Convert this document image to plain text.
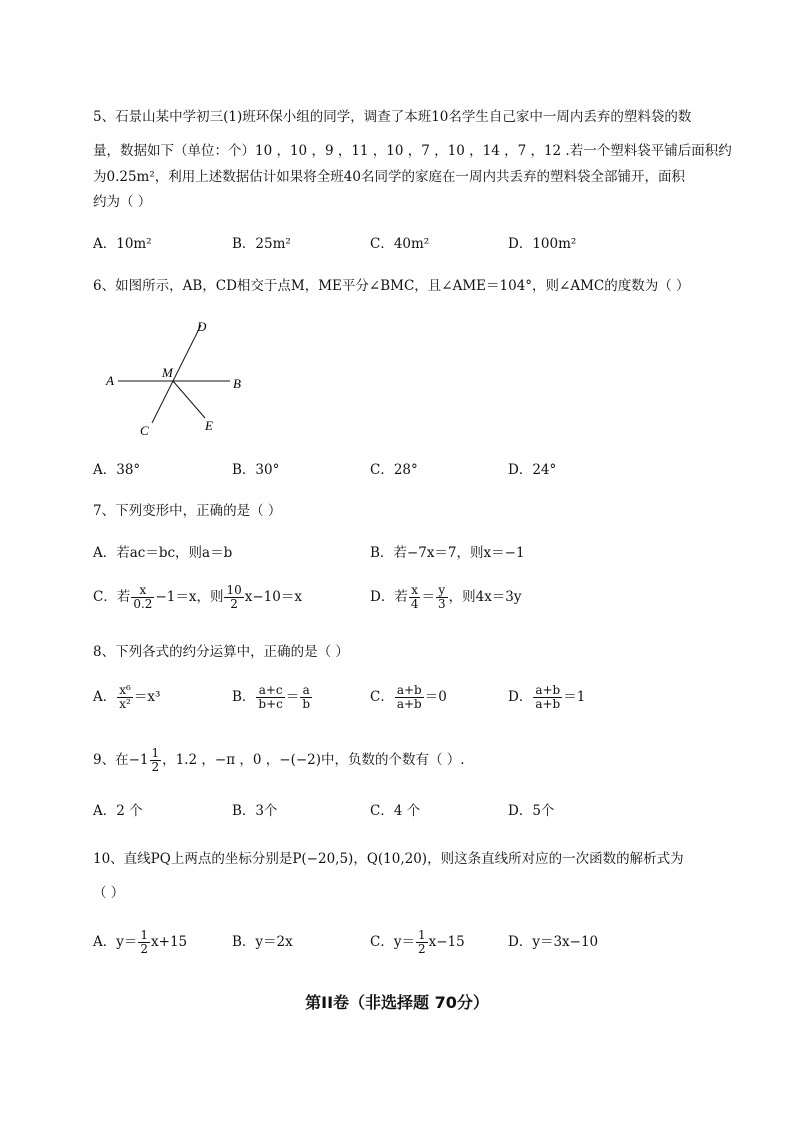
5、石景山某中学初三(1)班环保小组的同学，调查了本班10名学生自己家中一周内丢弃的塑料袋的数
量，数据如下（单位：个）10 ，10 ，9 ，11 ，10 ，7 ，10 ，14 ，7 ，12 .若一个塑料袋平铺后面积约
为0.25m²，利用上述数据估计如果将全班40名同学的家庭在一周内共丢弃的塑料袋全部铺开，面积
约为（ ）
A．10m²	B．25m²	C．40m²	D．100m²
6、如图所示，AB，CD相交于点M，ME平分∠BMC，且∠AME＝104°，则∠AMC的度数为（ ）
A	B
C
D
E
M
A．38°	B．30°	C．28°	D．24°
7、下列变形中，正确的是（ ）
A．若ac＝bc，则a＝b	B．若−7x＝7，则x＝−1
C．若 $\frac{x}{0.2} -1=x$，则 $\frac{10}{2} x-10=x$	D．若 $\frac{x}{4} = \frac{y}{3}$ ，则4x＝3y
8、下列各式的约分运算中，正确的是（ ）
A． $\frac{\text{x⁶}}{\text{x²}} =x^3$	B． $\frac{a+c}{b+c} = \frac{a}{b}$	C． $\frac{a+b}{a+b} =0$	D． $\frac{a+b}{a+b} =1$
9、在$-1 \frac{1}{2}$ ，1.2 ，−π ，0 ，−(−2)中，负数的个数有（ ）.
A．2 个	B．3个	C．4 个	D．5个
10、直线PQ上两点的坐标分别是P(−20,5)，Q(10,20)，则这条直线所对应的一次函数的解析式为
（ ）
A．$y= \frac{1}{2} x+15$	B．y＝2x	C．$y= \frac{1}{2} x-15$	D．y＝3x−10
第II卷（非选择题 70分）
